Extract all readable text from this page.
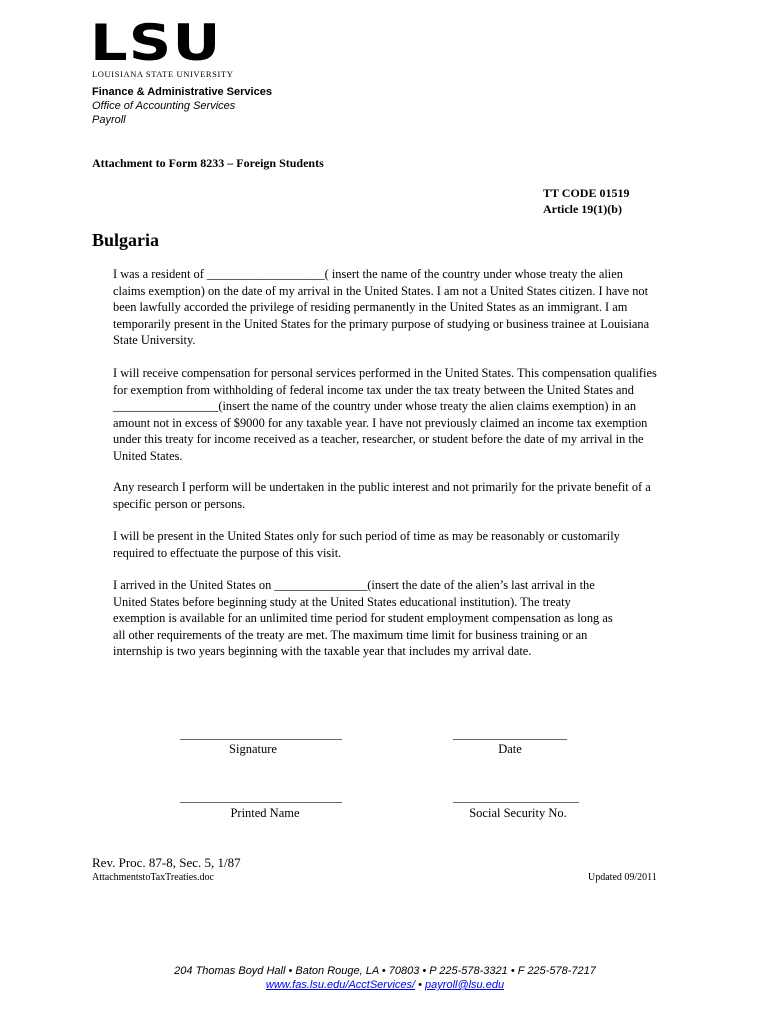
LSU
LOUISIANA STATE UNIVERSITY
Finance & Administrative Services
Office of Accounting Services
Payroll
Attachment to Form 8233 – Foreign Students
TT CODE 01519
Article 19(1)(b)
Bulgaria

I was a resident of ___________________( insert the name of the country under whose treaty the alien
claims exemption) on the date of my arrival in the United States. I am not a United States citizen. I have not
been lawfully accorded the privilege of residing permanently in the United States as an immigrant. I am
temporarily present in the United States for the primary purpose of studying or business trainee at Louisiana
State University.

I will receive compensation for personal services performed in the United States. This compensation qualifies
for exemption from withholding of federal income tax under the tax treaty between the United States and
_________________(insert the name of the country under whose treaty the alien claims exemption) in an
amount not in excess of $9000 for any taxable year. I have not previously claimed an income tax exemption
under this treaty for income received as a teacher, researcher, or student before the date of my arrival in the
United States.

Any research I perform will be undertaken in the public interest and not primarily for the private benefit of a
specific person or persons.

I will be present in the United States only for such period of time as may be reasonably or customarily
required to effectuate the purpose of this visit.

I arrived in the United States on _______________(insert the date of the alien’s last arrival in the
United States before beginning study at the United States educational institution). The treaty
exemption is available for an unlimited time period for student employment compensation as long as
all other requirements of the treaty are met. The maximum time limit for business training or an
internship is two years beginning with the taxable year that includes my arrival date.

___________________________
Signature
___________________
Date
___________________________
Printed Name
_____________________
Social Security No.
Rev. Proc. 87-8, Sec. 5, 1/87
AttachmentstoTaxTreaties.doc	Updated 09/2011
204 Thomas Boyd Hall • Baton Rouge, LA • 70803 • P 225-578-3321 • F 225-578-7217
www.fas.lsu.edu/AcctServices/ • payroll@lsu.edu
